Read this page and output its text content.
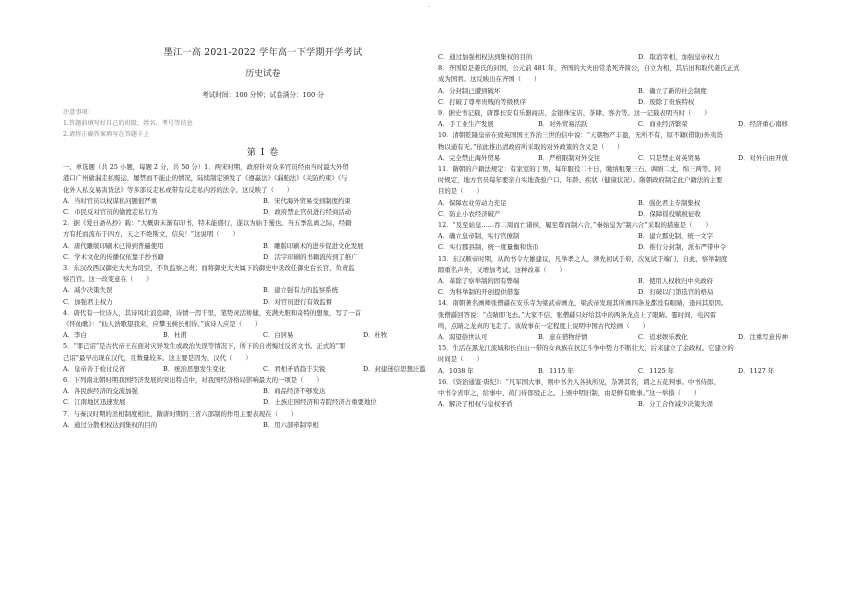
·
墨江一高 2021-2022 学年高一下学期开学考试
历史试卷
考试时间：100 分钟；试卷满分：100 分
注意事项：
1.答题前填写好自己的班级、姓名、考号等信息
2.请将正确答案填写在答题卡上
第 I 卷
一、单选题（共 25 小题，每题 2 分，共 50 分）1．两宋时期，政府针对众多官员经由当时最大外贸
港口广州偷漏走私贩运，屡禁而不能止的情况，陆续制定颁发了《遵赢法》《漏舶法》《关防约束》《与
化外人私交易害货法》等多部反走私或带有反走私内容的法令。这反映了（　　）
A．当时官员以权谋私问题很严重	B．宋代海外贸易受到制度约束
C．市民反对官员的偷渡走私行为	D．政府禁止官员进行经商活动
2．据《爱日斋丛抄》载：“大概唐末渐有印书，特未能盛行，遂以为始于蜀也。当五季乱离之际，经籍
方有托而流布于四方，天之不绝斯文，信矣！”这说明（　　）
A．唐代雕版印刷术已得到普遍使用	B．雕版印刷术的进步促进文化发展
C．学术文化的传播仅依靠手抄书籍	D．活字印刷的书籍流传到了推广
3．东汉改西汉御史大夫为司空，不负监察之责；而将御史大夫属下的御史中丞改任御史台长官，负责监
察百官。这一改变意在（　　）
A．减少决策失误	B．建立强有力的监察系统
C．加强君主权力	D．对官员进行有效监督
4．唐代有一位诗人，其诗风壮浪恣肆，诗情一泻千里，笔势灵活矫健，充满夫胆和奇特的想象，写了一首
《怀仙歌》：“仙人浩歌望我来，应攀玉树长相待。”该诗人应是（　　）
A．李白	B．杜甫	C．白居易	D．杜牧
5．“罪己诏”是古代帝王在面对灾异发生或政治失误等情况下，所下的自责悔过反省文书。正式的“罪
己诏”最早出现在汉代，且数量较多。这主要是因为，汉代（　　）
A．皇帝善于检讨反省	B．统治思想发生变化	C．君相矛盾趋于尖锐	D．封建迷信思想泛滥
6．下列南北朝时期我国经济发展的突出特点中，对我国经济格局影响最大的一项是（　　）
A．各民族经济的交流加强	B．商品经济不够发达
C．江南地区迅速发展	D．土族庄园经济和寺院经济占重要地位
7．与秦汉时期的丞相制度相比，隋唐时期的三省六部制的作用主要表现在（　　）
A．通过分散相权达到集权的目的	B．用六部牵制宰相
C．通过加强相权达到集权的目的	D．取消宰相，加强皇帝权力
8．齐国原是姜氏的封国，公元前 481 年，齐国的大夫田常杀死齐简公，自立为相，其后田和取代姜氏正式
成为国君。这反映出在齐国（　　）
A．分封制已遭到破坏	B．确立了新的社会制度
C．打破了尊卑贵贱的等级秩序	D．废除了贵族特权
9．据史书记载，唐都长安有乐器商店、金银珠宝店、茶肆、客舍等。这一记载表明当时（　　）
A．手工业生产发展	B．对外贸易活跃	C．商业经济繁荣	D．经济重心南移
10．清朝乾隆皇帝在致英国国王乔治三世的信中说：“天朝物产丰盈，无所不有，原不籍(借助)外夷货
物以通有无。”依此推出清政府所采取的对外政策的含义是（　　）
A．完全禁止海外贸易	B．严格限制对外交往	C．只是禁止对英贸易	D．对外自由开放
11．隋朝的户籍法规定：有家室的丁男，每年服役二十日，缴纳租粟三石、调绢二丈、绵三两等。同
时规定，地方官员每年要亲自实地查验户口、年龄、疾状（健康状况）。隋朝政府制定此户籍法的主要
目的是（　　）
A．保障农业劳动力充足	B．强化君主专制集权
C．防止小农经济破产	D．保障徭役赋税征收
12．“及至始皇……吞二周而亡诸侯，履至尊而制六合，”秦始皇为“制六合”采取的措施是（　　）
A．确立皇帝制，实行官僚制	B．建立郡史制，统一文字
C．实行郡县制，统一度量衡和货币	D．推行分封制，派布严带申令
13．东汉顺帝时期，从尚书令左雄建议，凡举孝之人，须先初试于府，次复试于端门，自此，察举制度
隙重名声外，又增加考试。这种改革（　　）
A．革除了察举制的固有弊端	B．使用人权收归中央政府
C．为科举制的开创提供借鉴	D．打破以门第选官的格局
14．南朝著名画师张僧繇在安乐寺为梁武帝画龙，梁武帝发现其所画四条龙都没有眼睛，逢问其原因。
张僧繇回答说：“点睛即飞去。”大家不信，张僧繇只好给其中的两条龙点上了眼睛。霎时间，电闪雷
鸣，点睛之龙真的飞走了。该故事在一定程度上说明中国古代绘画（　　）
A．渴望俗世认可	B．意在借物抒情	C．追求娱乐教化	D．注重写意传神
15．生活在黑龙江流域和长白山一带的女真族在抗辽斗争中势力不断壮大，后来建立了金政权。它建立的
时间是（　　）
A．1038 年	B．1115 年	C．1125 年	D．1127 年
16．《资治通鉴·唐纪》：“凡军国大事，则中书舍人各执所见，杂署其名，谓之五花判事。中书侍郎、
中书令省审之，给事中、黄门侍郎驳正之。上颁中明旧制，由是鲜有败事。”这一举措（　　）
A．解决了相权与皇权矛盾	B．分工合作减少决策失误
